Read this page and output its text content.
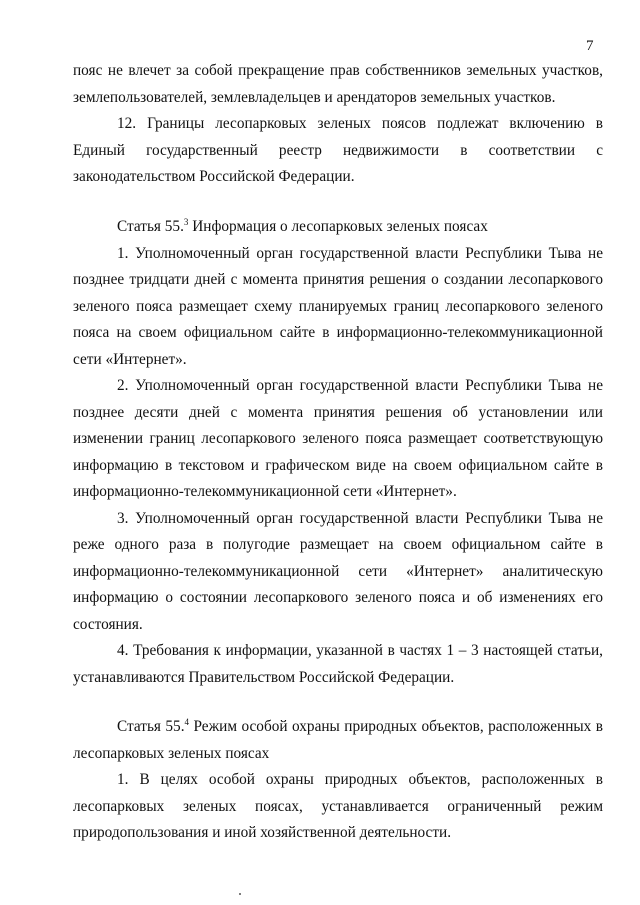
7

пояс не влечет за собой прекращение прав собственников земельных участков, землепользователей, землевладельцев и арендаторов земельных участков.

12. Границы лесопарковых зеленых поясов подлежат включению в Единый государственный реестр недвижимости в соответствии с законодательством Российской Федерации.

Статья 55.$^3$ Информация о лесопарковых зеленых поясах

1. Уполномоченный орган государственной власти Республики Тыва не позднее тридцати дней с момента принятия решения о создании лесопаркового зеленого пояса размещает схему планируемых границ лесопаркового зеленого пояса на своем официальном сайте в информационно-телекоммуникационной сети «Интернет».

2. Уполномоченный орган государственной власти Республики Тыва не позднее десяти дней с момента принятия решения об установлении или изменении границ лесопаркового зеленого пояса размещает соответствующую информацию в текстовом и графическом виде на своем официальном сайте в информационно-телекоммуникационной сети «Интернет».

3. Уполномоченный орган государственной власти Республики Тыва не реже одного раза в полугодие размещает на своем официальном сайте в информационно-телекоммуникационной сети «Интернет» аналитическую информацию о состоянии лесопаркового зеленого пояса и об изменениях его состояния.

4. Требования к информации, указанной в частях 1 – 3 настоящей статьи, устанавливаются Правительством Российской Федерации.

Статья 55.$^4$ Режим особой охраны природных объектов, расположенных в лесопарковых зеленых поясах

1. В целях особой охраны природных объектов, расположенных в лесопарковых зеленых поясах, устанавливается ограниченный режим природопользования и иной хозяйственной деятельности.
